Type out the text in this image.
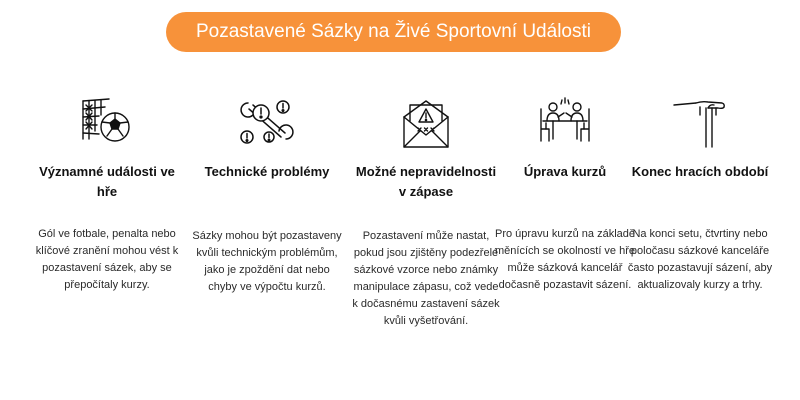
Pozastavené Sázky na Živé Sportovní Události
Významné události ve hře
Gól ve fotbale, penalta nebo klíčové zranění mohou vést k pozastavení sázek, aby se přepočítaly kurzy.
Technické problémy
Sázky mohou být pozastaveny kvůli technickým problémům, jako je zpoždění dat nebo chyby ve výpočtu kurzů.
Možné nepravidelnosti v zápase
Pozastavení může nastat, pokud jsou zjištěny podezřelé sázkové vzorce nebo známky manipulace zápasu, což vede k dočasnému zastavení sázek kvůli vyšetřování.
Úprava kurzů
Pro úpravu kurzů na základě měnících se okolností ve hře může sázková kancelář dočasně pozastavit sázení.
Konec hracích období
Na konci setu, čtvrtiny nebo poločasu sázkové kanceláře často pozastavují sázení, aby aktualizovaly kurzy a trhy.
